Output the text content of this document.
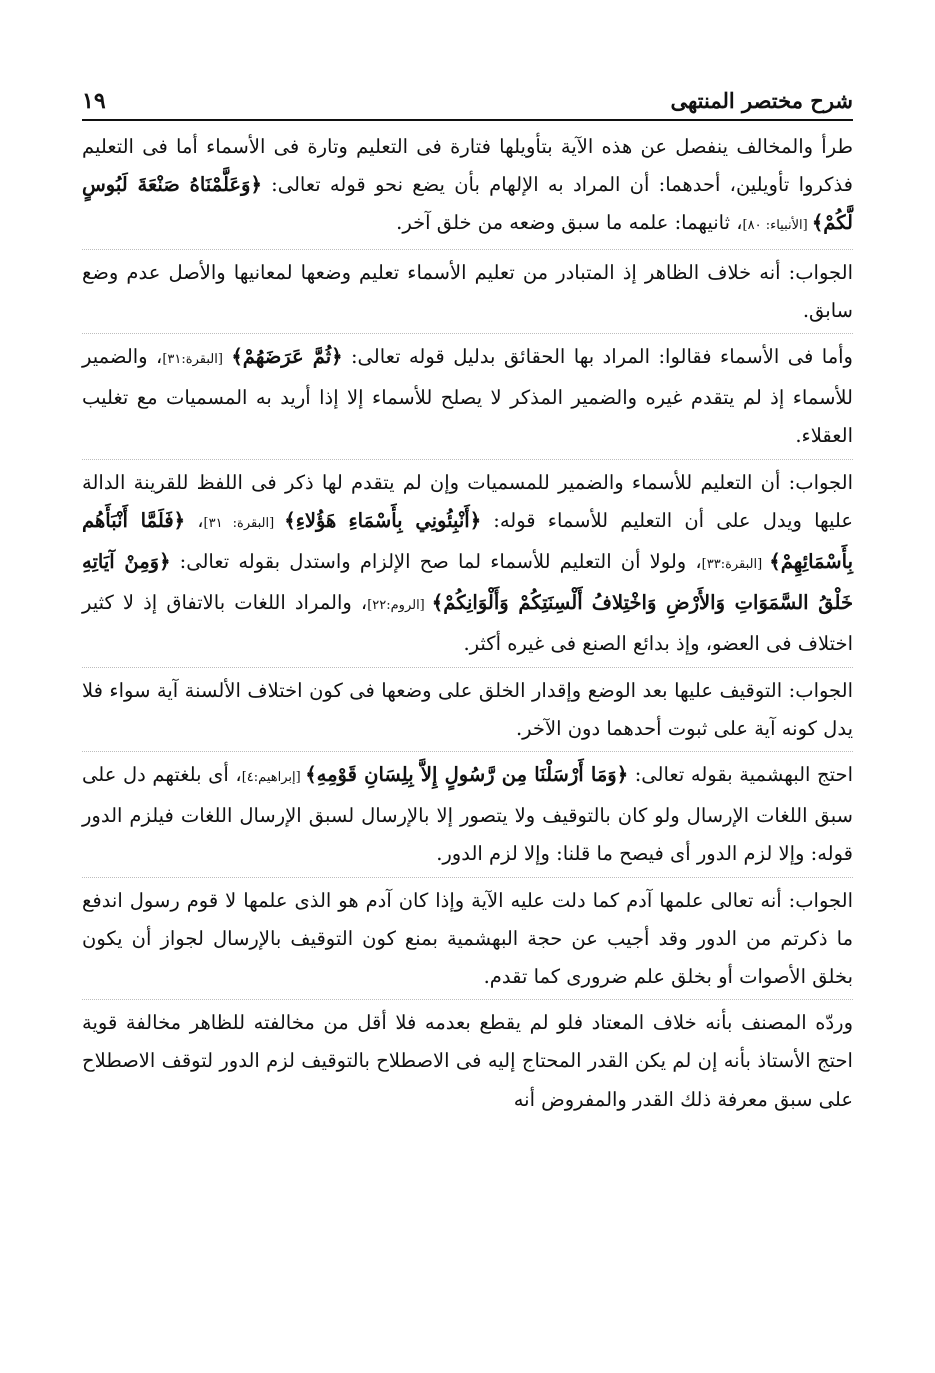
شرح مختصر المنتهى
١٩

طرأ والمخالف ينفصل عن هذه الآية بتأويلها فتارة فى التعليم وتارة فى الأسماء أما فى التعليم فذكروا تأويلين، أحدهما: أن المراد به الإلهام بأن يضع نحو قوله تعالى: ﴿وَعَلَّمْنَاهُ صَنْعَةَ لَبُوسٍ لَّكُمْ﴾ [الأنبياء: ٨٠]، ثانيهما: علمه ما سبق وضعه من خلق آخر.

الجواب: أنه خلاف الظاهر إذ المتبادر من تعليم الأسماء تعليم وضعها لمعانيها والأصل عدم وضع سابق.

وأما فى الأسماء فقالوا: المراد بها الحقائق بدليل قوله تعالى: ﴿ثُمَّ عَرَضَهُمْ﴾ [البقرة:٣١]، والضمير للأسماء إذ لم يتقدم غيره والضمير المذكر لا يصلح للأسماء إلا إذا أريد به المسميات مع تغليب العقلاء.

الجواب: أن التعليم للأسماء والضمير للمسميات وإن لم يتقدم لها ذكر فى اللفظ للقرينة الدالة عليها ويدل على أن التعليم للأسماء قوله: ﴿أَنْبِئُونِي بِأَسْمَاءِ هَؤُلاءِ﴾ [البقرة: ٣١]، ﴿فَلَمَّا أَنْبَأَهُم بِأَسْمَائِهِمْ﴾ [البقرة:٣٣]، ولولا أن التعليم للأسماء لما صح الإلزام واستدل بقوله تعالى: ﴿وَمِنْ آيَاتِهِ خَلْقُ السَّمَوَاتِ وَالأَرْضِ وَاخْتِلافُ أَلْسِنَتِكُمْ وَأَلْوَانِكُمْ﴾ [الروم:٢٢]، والمراد اللغات بالاتفاق إذ لا كثير اختلاف فى العضو، وإذ بدائع الصنع فى غيره أكثر.

الجواب: التوقيف عليها بعد الوضع وإقدار الخلق على وضعها فى كون اختلاف الألسنة آية سواء فلا يدل كونه آية على ثبوت أحدهما دون الآخر.

احتج البهشمية بقوله تعالى: ﴿وَمَا أَرْسَلْنَا مِن رَّسُولٍ إِلاَّ بِلِسَانِ قَوْمِهِ﴾ [إبراهيم:٤]، أى بلغتهم دل على سبق اللغات الإرسال ولو كان بالتوقيف ولا يتصور إلا بالإرسال لسبق الإرسال اللغات فيلزم الدور قوله: وإلا لزم الدور أى فيصح ما قلنا: وإلا لزم الدور.

الجواب: أنه تعالى علمها آدم كما دلت عليه الآية وإذا كان آدم هو الذى علمها لا قوم رسول اندفع ما ذكرتم من الدور وقد أجيب عن حجة البهشمية بمنع كون التوقيف بالإرسال لجواز أن يكون بخلق الأصوات أو بخلق علم ضرورى كما تقدم.

وردّه المصنف بأنه خلاف المعتاد فلو لم يقطع بعدمه فلا أقل من مخالفته للظاهر مخالفة قوية احتج الأستاذ بأنه إن لم يكن القدر المحتاج إليه فى الاصطلاح بالتوقيف لزم الدور لتوقف الاصطلاح على سبق معرفة ذلك القدر والمفروض أنه
